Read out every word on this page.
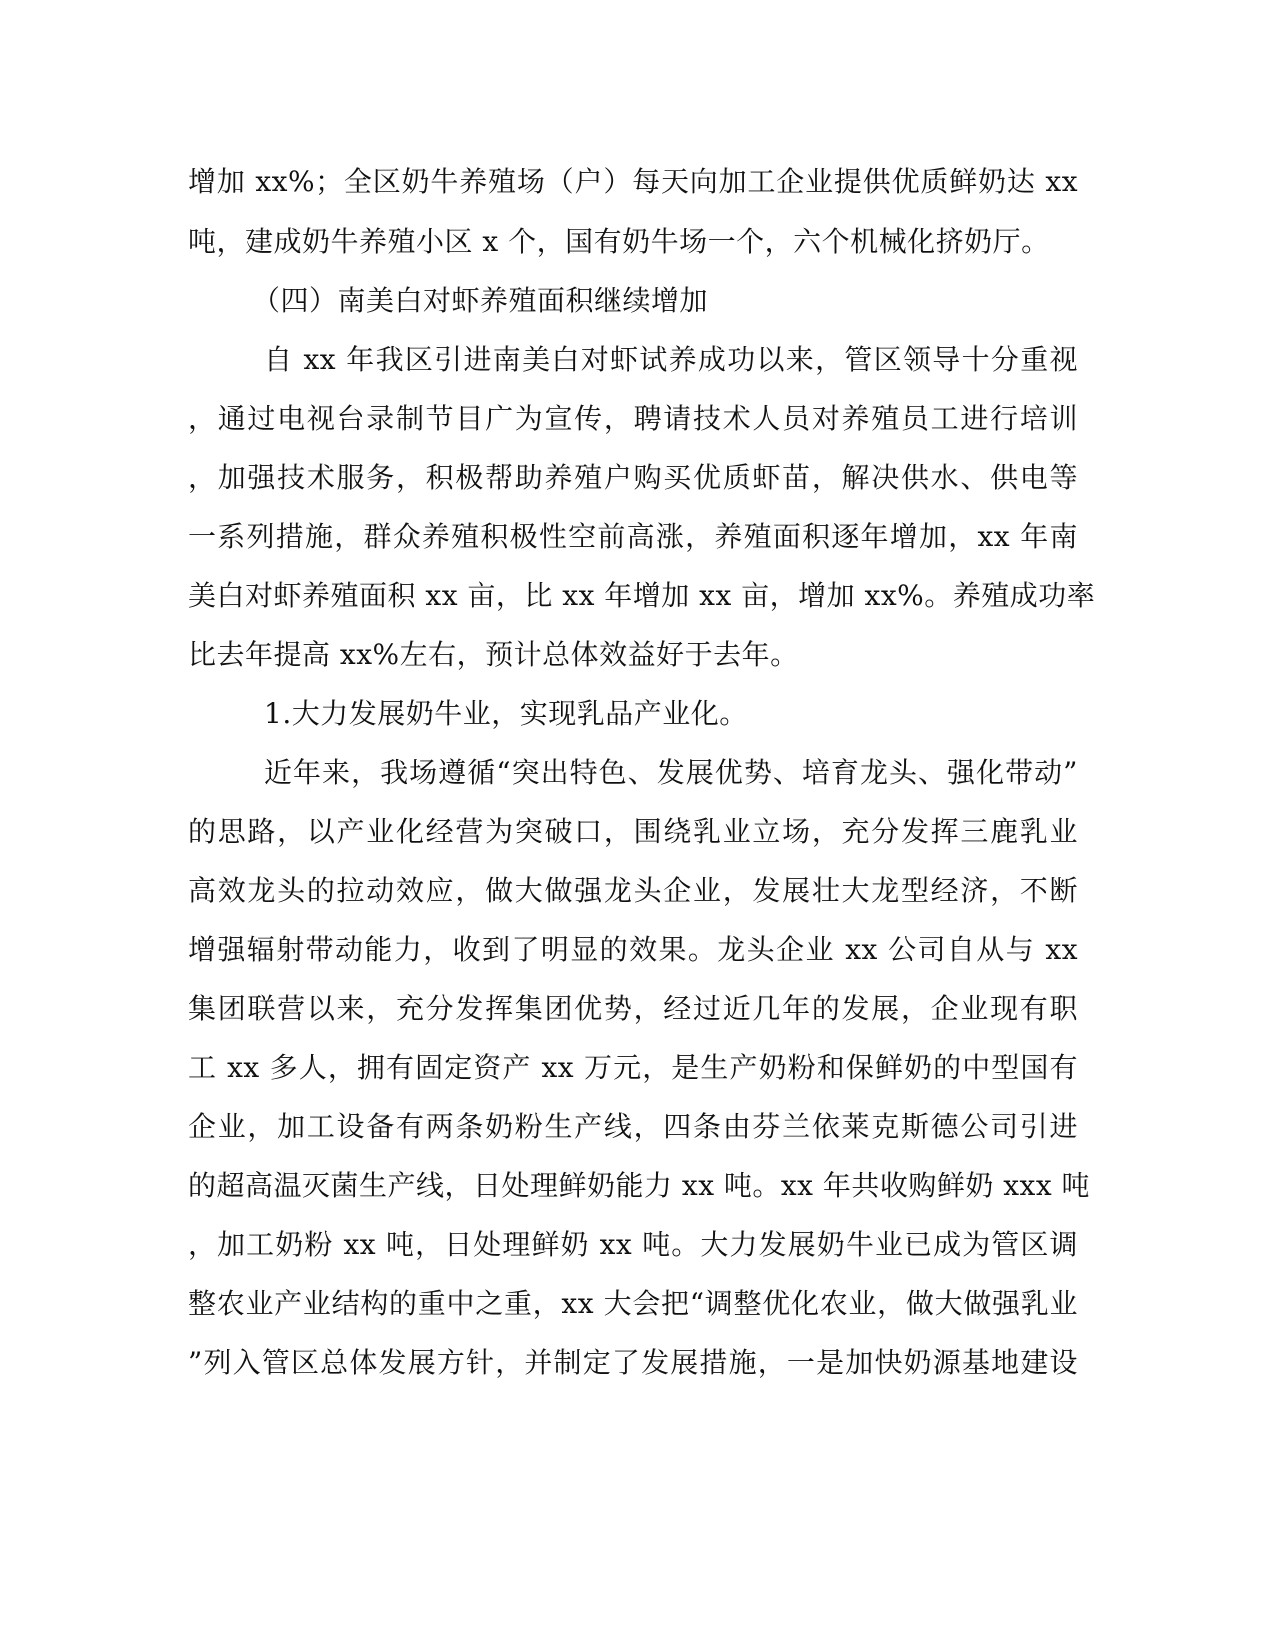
增加 xx%；全区奶牛养殖场（户）每天向加工企业提供优质鲜奶达 xx
吨，建成奶牛养殖小区 x 个，国有奶牛场一个，六个机械化挤奶厅。
（四）南美白对虾养殖面积继续增加
自 xx 年我区引进南美白对虾试养成功以来，管区领导十分重视
，通过电视台录制节目广为宣传，聘请技术人员对养殖员工进行培训
，加强技术服务，积极帮助养殖户购买优质虾苗，解决供水、供电等
一系列措施，群众养殖积极性空前高涨，养殖面积逐年增加，xx 年南
美白对虾养殖面积 xx 亩，比 xx 年增加 xx 亩，增加 xx%。养殖成功率
比去年提高 xx%左右，预计总体效益好于去年。
1.大力发展奶牛业，实现乳品产业化。
近年来，我场遵循“突出特色、发展优势、培育龙头、强化带动”
的思路，以产业化经营为突破口，围绕乳业立场，充分发挥三鹿乳业
高效龙头的拉动效应，做大做强龙头企业，发展壮大龙型经济，不断
增强辐射带动能力，收到了明显的效果。龙头企业 xx 公司自从与 xx
集团联营以来，充分发挥集团优势，经过近几年的发展，企业现有职
工 xx 多人，拥有固定资产 xx 万元，是生产奶粉和保鲜奶的中型国有
企业，加工设备有两条奶粉生产线，四条由芬兰依莱克斯德公司引进
的超高温灭菌生产线，日处理鲜奶能力 xx 吨。xx 年共收购鲜奶 xxx 吨
，加工奶粉 xx 吨，日处理鲜奶 xx 吨。大力发展奶牛业已成为管区调
整农业产业结构的重中之重，xx 大会把“调整优化农业，做大做强乳业
”列入管区总体发展方针，并制定了发展措施，一是加快奶源基地建设
